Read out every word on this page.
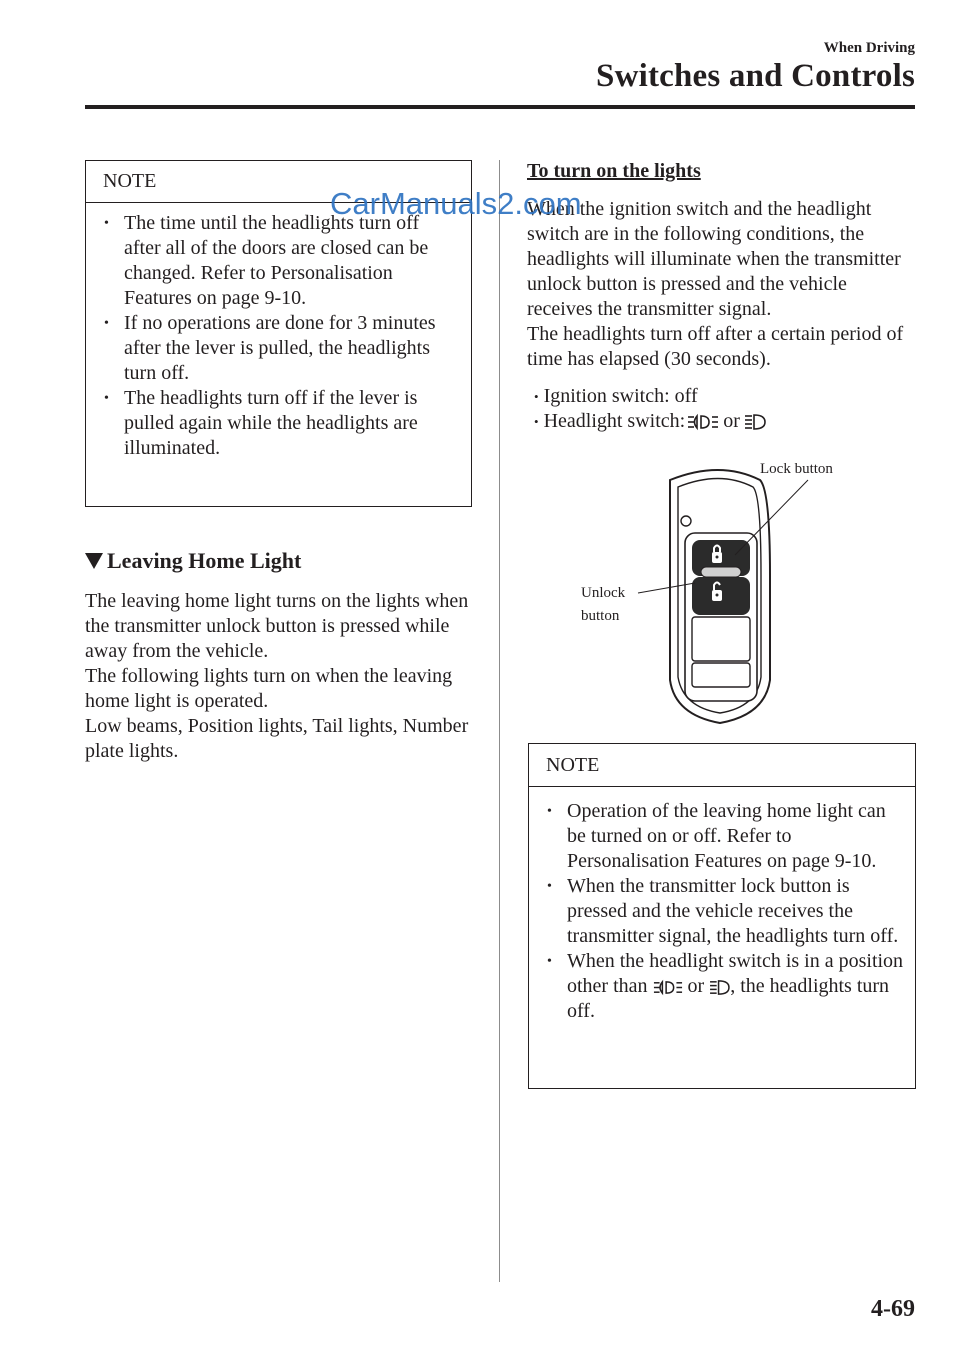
When Driving
Switches and Controls
NOTE
• The time until the headlights turn off after all of the doors are closed can be changed. Refer to Personalisation Features on page 9-10.
• If no operations are done for 3 minutes after the lever is pulled, the headlights turn off.
• The headlights turn off if the lever is pulled again while the headlights are illuminated.
Leaving Home Light
The leaving home light turns on the lights when the transmitter unlock button is pressed while away from the vehicle.
The following lights turn on when the leaving home light is operated.
Low beams, Position lights, Tail lights, Number plate lights.
To turn on the lights
When the ignition switch and the headlight switch are in the following conditions, the headlights will illuminate when the transmitter unlock button is pressed and the vehicle receives the transmitter signal.
The headlights turn off after a certain period of time has elapsed (30 seconds).
• Ignition switch: off
• Headlight switch: or
Lock button
Unlock
button
NOTE
• Operation of the leaving home light can be turned on or off. Refer to Personalisation Features on page 9-10.
• When the transmitter lock button is pressed and the vehicle receives the transmitter signal, the headlights turn off.
• When the headlight switch is in a position other than or , the headlights turn off.
CarManuals2.com
4-69
